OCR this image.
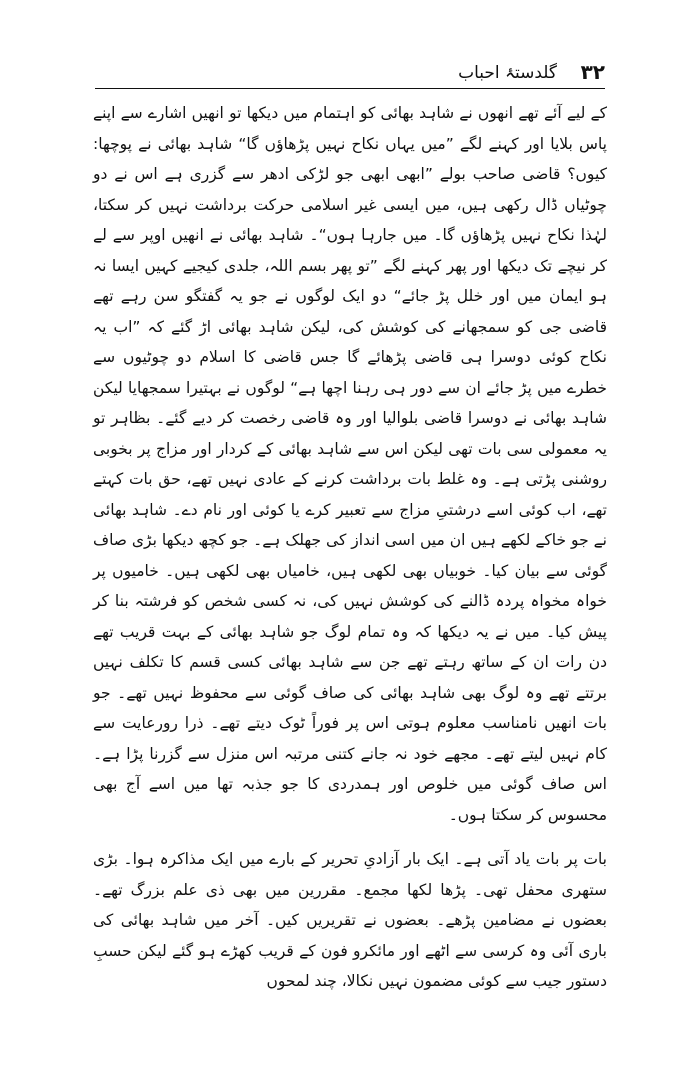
۳۲
گلدستۂ احباب

کے لیے آئے تھے انھوں نے شاہد بھائی کو اہتمام میں دیکھا تو انھیں اشارے سے اپنے پاس بلایا اور کہنے لگے ”میں یہاں نکاح نہیں پڑھاؤں گا“ شاہد بھائی نے پوچھا: کیوں؟ قاضی صاحب بولے ”ابھی ابھی جو لڑکی ادھر سے گزری ہے اس نے دو چوٹیاں ڈال رکھی ہیں، میں ایسی غیر اسلامی حرکت برداشت نہیں کر سکتا، لہٰذا نکاح نہیں پڑھاؤں گا۔ میں جارہا ہوں“۔ شاہد بھائی نے انھیں اوپر سے لے کر نیچے تک دیکھا اور پھر کہنے لگے ”تو پھر بسم اللہ، جلدی کیجیے کہیں ایسا نہ ہو ایمان میں اور خلل پڑ جائے“ دو ایک لوگوں نے جو یہ گفتگو سن رہے تھے قاضی جی کو سمجھانے کی کوشش کی، لیکن شاہد بھائی اڑ گئے کہ ”اب یہ نکاح کوئی دوسرا ہی قاضی پڑھائے گا جس قاضی کا اسلام دو چوٹیوں سے خطرے میں پڑ جائے ان سے دور ہی رہنا اچھا ہے“ لوگوں نے بہتیرا سمجھایا لیکن شاہد بھائی نے دوسرا قاضی بلوالیا اور وہ قاضی رخصت کر دیے گئے۔ بظاہر تو یہ معمولی سی بات تھی لیکن اس سے شاہد بھائی کے کردار اور مزاج پر بخوبی روشنی پڑتی ہے۔ وہ غلط بات برداشت کرنے کے عادی نہیں تھے، حق بات کہتے تھے، اب کوئی اسے درشتیِ مزاج سے تعبیر کرے یا کوئی اور نام دے۔ شاہد بھائی نے جو خاکے لکھے ہیں ان میں اسی انداز کی جھلک ہے۔ جو کچھ دیکھا بڑی صاف گوئی سے بیان کیا۔ خوبیاں بھی لکھی ہیں، خامیاں بھی لکھی ہیں۔ خامیوں پر خواہ مخواہ پردہ ڈالنے کی کوشش نہیں کی، نہ کسی شخص کو فرشتہ بنا کر پیش کیا۔ میں نے یہ دیکھا کہ وہ تمام لوگ جو شاہد بھائی کے بہت قریب تھے دن رات ان کے ساتھ رہتے تھے جن سے شاہد بھائی کسی قسم کا تکلف نہیں برتتے تھے وہ لوگ بھی شاہد بھائی کی صاف گوئی سے محفوظ نہیں تھے۔ جو بات انھیں نامناسب معلوم ہوتی اس پر فوراً ٹوک دیتے تھے۔ ذرا رورعایت سے کام نہیں لیتے تھے۔ مجھے خود نہ جانے کتنی مرتبہ اس منزل سے گزرنا پڑا ہے۔ اس صاف گوئی میں خلوص اور ہمدردی کا جو جذبہ تھا میں اسے آج بھی محسوس کر سکتا ہوں۔

بات پر بات یاد آتی ہے۔ ایک بار آزادیِ تحریر کے بارے میں ایک مذاکرہ ہوا۔ بڑی ستھری محفل تھی۔ پڑھا لکھا مجمع۔ مقررین میں بھی ذی علم بزرگ تھے۔ بعضوں نے مضامین پڑھے۔ بعضوں نے تقریریں کیں۔ آخر میں شاہد بھائی کی باری آئی وہ کرسی سے اٹھے اور مائکرو فون کے قریب کھڑے ہو گئے لیکن حسبِ دستور جیب سے کوئی مضمون نہیں نکالا، چند لمحوں
